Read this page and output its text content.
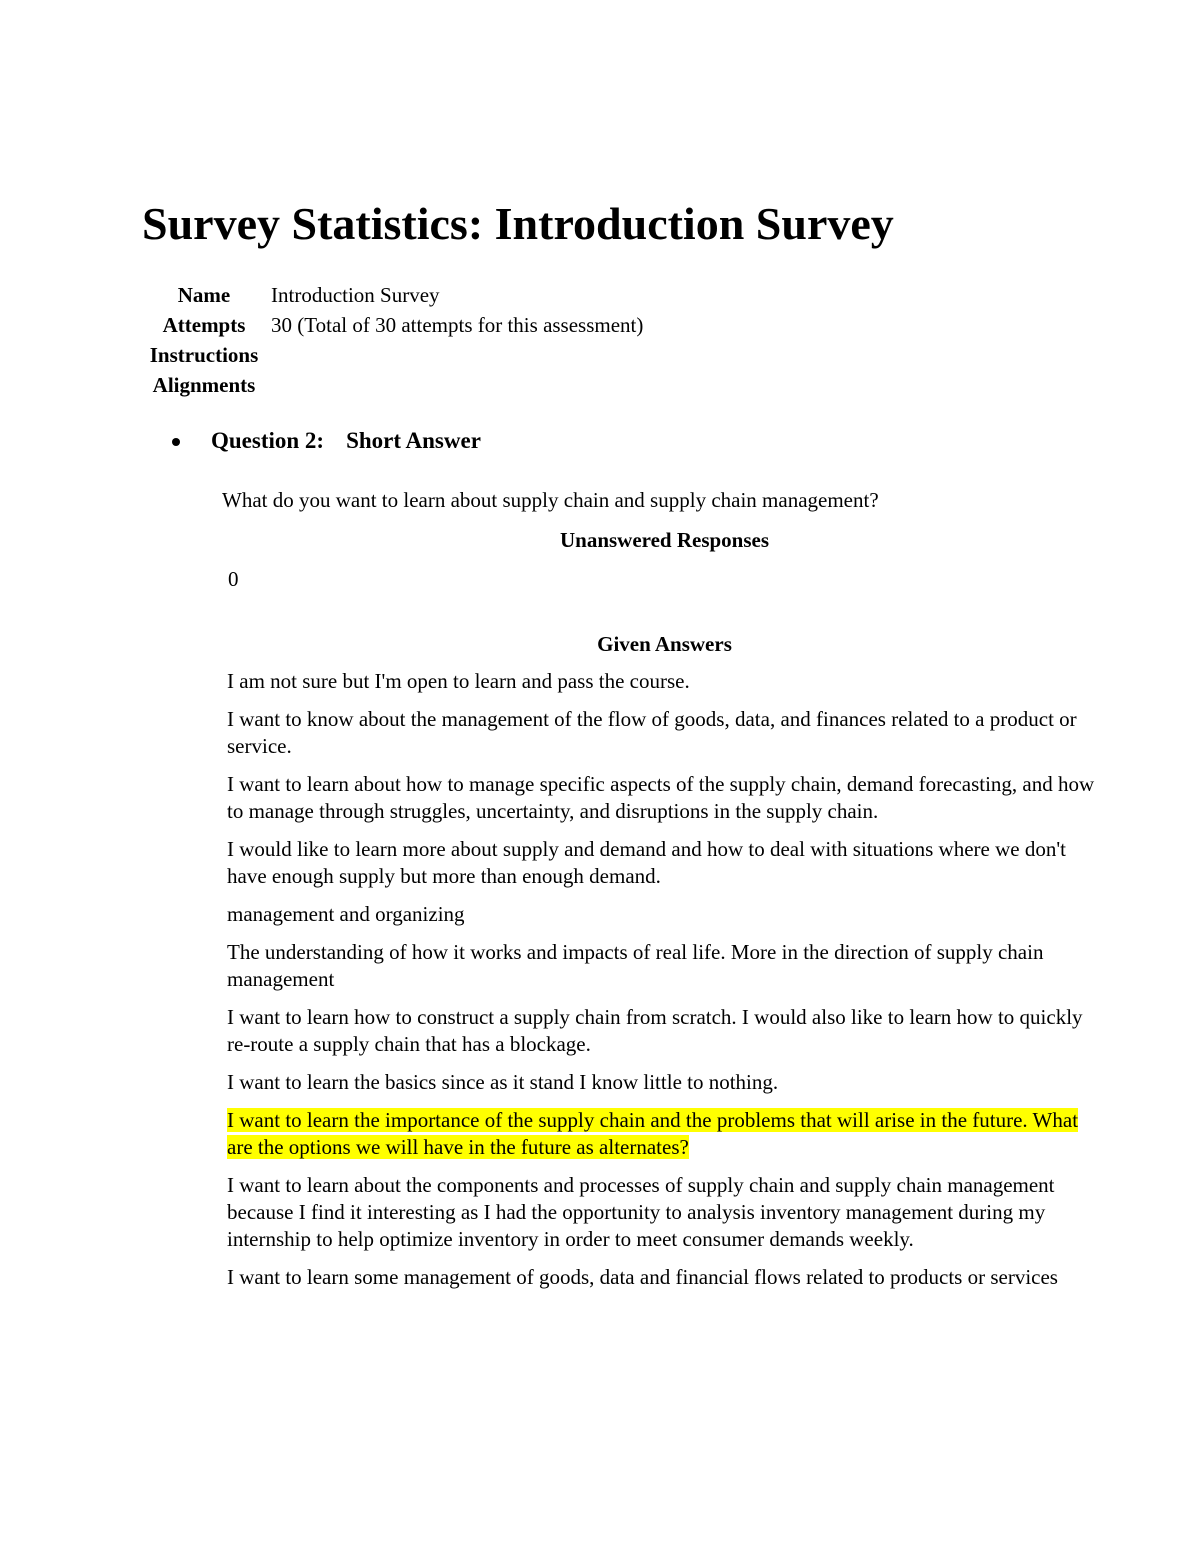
Survey Statistics: Introduction Survey
Name	Introduction Survey
Attempts	30 (Total of 30 attempts for this assessment)
Instructions
Alignments
Question 2: Short Answer
What do you want to learn about supply chain and supply chain management?
Unanswered Responses
0
Given Answers
I am not sure but I'm open to learn and pass the course.
I want to know about the management of the flow of goods, data, and finances related to a product or service.
I want to learn about how to manage specific aspects of the supply chain, demand forecasting, and how to manage through struggles, uncertainty, and disruptions in the supply chain.
I would like to learn more about supply and demand and how to deal with situations where we don't have enough supply but more than enough demand.
management and organizing
The understanding of how it works and impacts of real life. More in the direction of supply chain management
I want to learn how to construct a supply chain from scratch. I would also like to learn how to quickly re-route a supply chain that has a blockage.
I want to learn the basics since as it stand I know little to nothing.
I want to learn the importance of the supply chain and the problems that will arise in the future. What are the options we will have in the future as alternates?
I want to learn about the components and processes of supply chain and supply chain management because I find it interesting as I had the opportunity to analysis inventory management during my internship to help optimize inventory in order to meet consumer demands weekly.
I want to learn some management of goods, data and financial flows related to products or services
